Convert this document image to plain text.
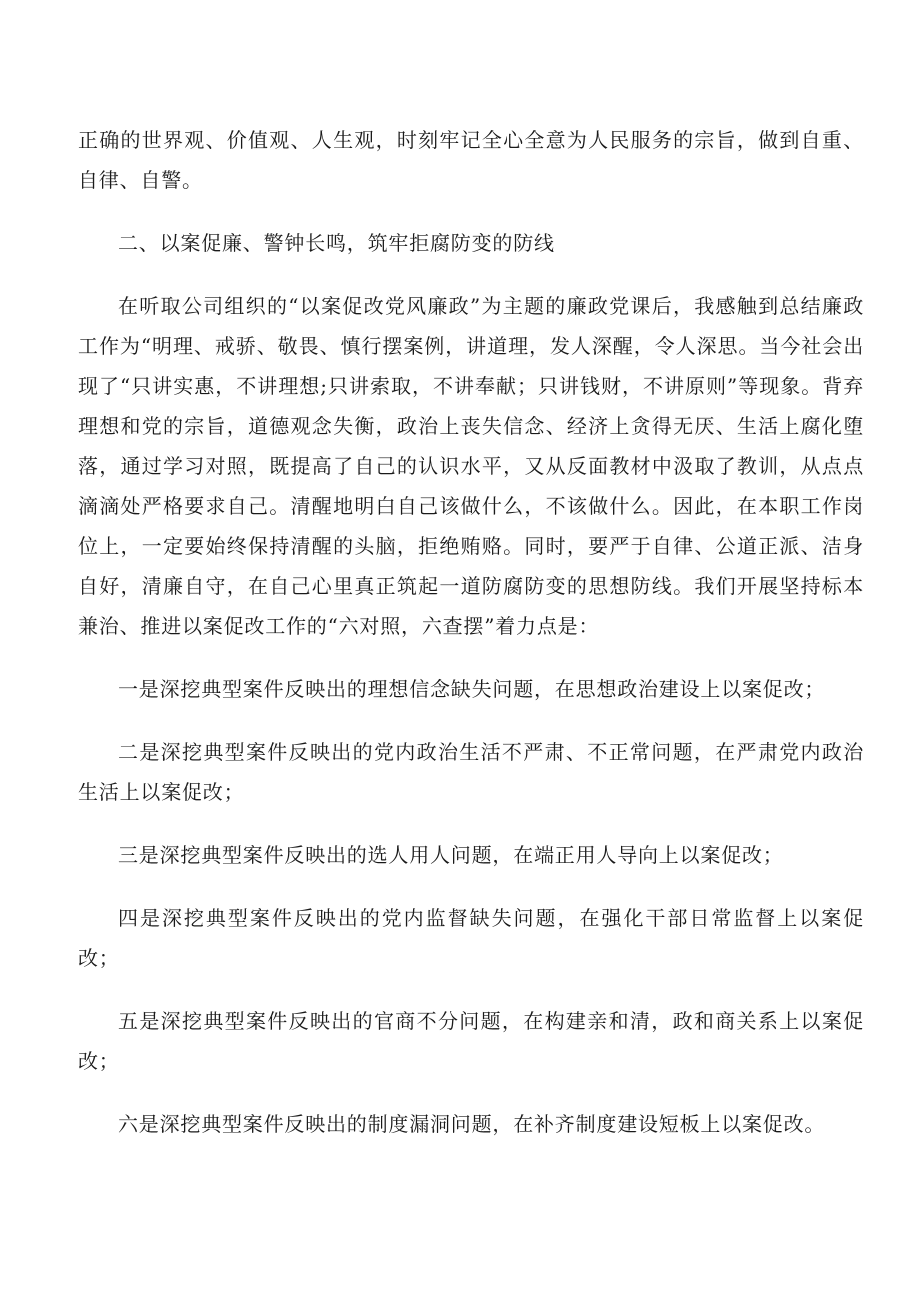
正确的世界观、价值观、人生观，时刻牢记全心全意为人民服务的宗旨，做到自重、自律、自警。

二、以案促廉、警钟长鸣，筑牢拒腐防变的防线

在听取公司组织的“以案促改党风廉政”为主题的廉政党课后，我感触到总结廉政工作为“明理、戒骄、敬畏、慎行摆案例，讲道理，发人深醒，令人深思。当今社会出现了“只讲实惠，不讲理想;只讲索取，不讲奉献；只讲钱财，不讲原则”等现象。背弃理想和党的宗旨，道德观念失衡，政治上丧失信念、经济上贪得无厌、生活上腐化堕落，通过学习对照，既提高了自己的认识水平，又从反面教材中汲取了教训，从点点滴滴处严格要求自己。清醒地明白自己该做什么，不该做什么。因此，在本职工作岗位上，一定要始终保持清醒的头脑，拒绝贿赂。同时，要严于自律、公道正派、洁身自好，清廉自守，在自己心里真正筑起一道防腐防变的思想防线。我们开展坚持标本兼治、推进以案促改工作的“六对照，六查摆”着力点是：

一是深挖典型案件反映出的理想信念缺失问题，在思想政治建设上以案促改；

二是深挖典型案件反映出的党内政治生活不严肃、不正常问题，在严肃党内政治生活上以案促改；

三是深挖典型案件反映出的选人用人问题，在端正用人导向上以案促改；

四是深挖典型案件反映出的党内监督缺失问题，在强化干部日常监督上以案促改；

五是深挖典型案件反映出的官商不分问题，在构建亲和清，政和商关系上以案促改；

六是深挖典型案件反映出的制度漏洞问题，在补齐制度建设短板上以案促改。
